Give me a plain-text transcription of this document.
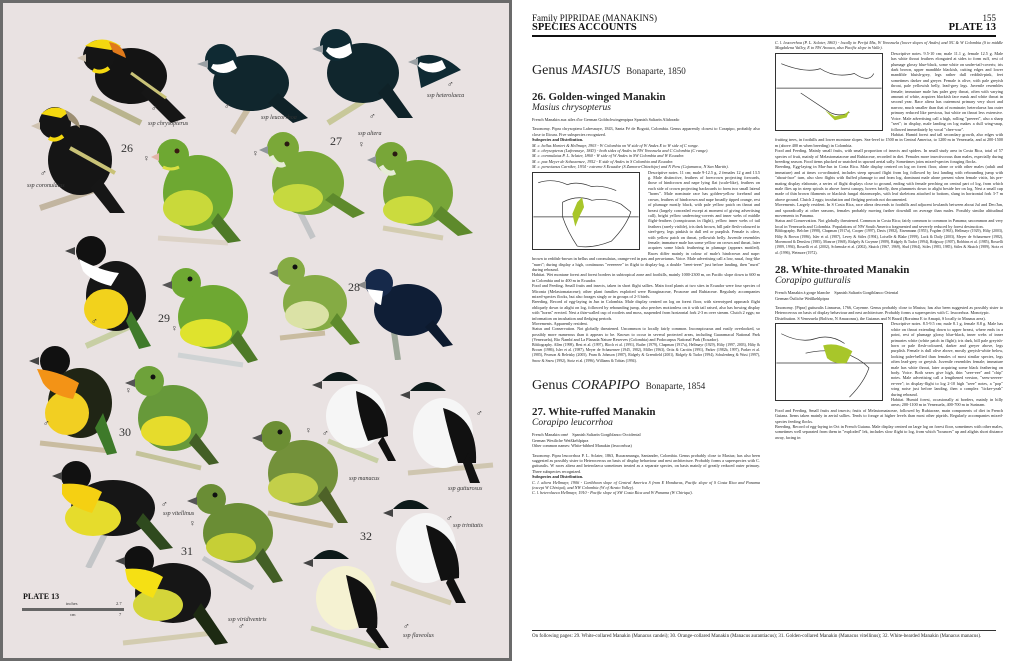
26	27
28
29
30
31
32
♂
♂
♂
♂
♂
♀	♀
♀
♂
♀
♂
♀
♀ ♂
♂
♂
♀	♂
♂	♂
ssp chrysopterus
ssp coronulatus
ssp leucorrhoa
ssp altera
ssp heterolaeca
ssp manacus
ssp gutturosus
ssp trinitatis
ssp vitellinus
ssp viridiventris
ssp flaveolus
PLATE 13
inches	2.7
cm	7
Family PIPRIDAE (MANAKINS)
SPECIES ACCOUNTS
155
PLATE 13
Genus MASIUS Bonaparte, 1850
26. Golden-winged Manakin
Masius chrysopterus
French Manakin aux ailes d'or German Goldschwingenpipra Spanish Saltarín Alidorado

Taxonomy. Pipra chrysoptera Lafresnaye, 1843, Santa Fé de Bogotá, Colombia. Genus apparently closest to Corapipo, probably also close to Ilicura. Five subspecies recognized.

Subspecies and Distribution.

M. c. bellus Hartert & Hellmayr, 1903 - W Colombia on W side of W Andes E to W side of C range.

M. c. chrysopterus (Lafresnaye, 1843) - both sides of Andes in NW Venezuela and C Colombia (C range).

M. c. coronulatus P. L. Sclater, 1860 - W side of W Andes in SW Colombia and W Ecuador.

M. c. pax Meyer de Schauensee, 1952 - E side of Andes in S Colombia and Ecuador.

M. c. peruvianus Carriker, 1934 - extreme S Ecuador (S Zamora-Chinchipe) and N Peru (Cajamarca, N San Martín).

Descriptive notes. 11 cm; male 9-12.5 g, 2 females 12 g and 13.5 g. Male distinctive, feathers of forecrown projecting forwards, those of hindcrown and nape lying flat (scale-like), feathers on each side of crown projecting backwards to form two small lateral "horns". Male nominate race has golden-yellow forehead and crown, feathers of hindcrown and nape broadly tipped orange, rest of plumage mostly black, with pale yellow patch on throat and breast (largely concealed except at moment of giving advertising call), bright yellow underwing-coverts and inner webs of middle flight-feathers (conspicuous in flight), yellow inner webs of tail feathers (rarely visible), iris dark brown, bill pale flesh-coloured to steel-grey, legs pinkish to dull red or purplish. Female is olive, with yellow patch on throat, yellowish belly. Juvenile resembles female; immature male has some yellow on crown and throat, later acquires some black feathering in plumage (appears mottled). Races differ mainly in colour of male's hindcrown and nape: brown to reddish-brown in bellus and coronulatus, orange-red in pax and peruvianus. Voice. Male advertising call a low, nasal, frog-like "nurrt"; during display a high, continuous "eeeeeeee" in flight to display-log, a double "teeet-teeet" just before landing, then "nurrt" during rebound.

Habitat. Wet montane forest and forest borders in subtropical zone and foothills, mainly 1000-2300 m, on Pacific slope down to 600 m in Colombia and to 400 m in Ecuador.

Food and Feeding. Small fruits and insects, taken in short flight sallies. Main food plants at two sites in Ecuador were four species of Miconia (Melastomataceae); other plant families exploited were Boraginaceae, Proaceae and Rubiaceae. Regularly accompanies mixed-species flocks, but also forages singly or in groups of 2-3 birds.

Breeding. Record of egg-laying in Jun in Colombia. Male display centred on log on forest floor, with stereotyped approach flight obliquely down to alight on log, followed by rebounding jump, also perches motionless on it with tail raised, also has bowing display with "horns" erected. Nest a thin-walled cup of rootlets and moss, suspended from horizontal fork 2-3 m over stream. Clutch 2 eggs; no information on incubation and fledging periods.

Movements. Apparently resident.

Status and Conservation. Not globally threatened. Uncommon to locally fairly common. Inconspicuous and easily overlooked, so possibly more numerous than it appears to be. Known to occur in several protected areas, including Guaramacal National Park (Venezuela), Río Ñambí and La Planada Nature Reserves (Colombia) and Podocarpus National Park (Ecuador).

Bibliography. Allen (1998), Best et al. (1997), Bloch et al. (1991), Butler (1979), Chapman (1917a), Hellmayr (1929), Hilty (1997, 2003), Hilty & Brown (1986), Isler et al. (1987), Meyer de Schauensee (1945, 1982), Miller (1963), Ortiz & Carrión (1991), Parker (1982b, 1997), Parker et al. (1985), Pearson & Beletsky (2005), Prum & Johnson (1987), Ridgely & Greenfield (2001), Ridgely & Tudor (1994), Schulenberg & Wust (1997), Snow & Snow (1992), Stotz et al. (1996), Williams & Tobias (1994).

Genus CORAPIPO Bonaparte, 1854
27. White-ruffed Manakin
Corapipo leucorrhoa
French Manakin orné Spanish Saltarín Gorgiblanco Occidental
German Westliche Weißkehlpipra
Other common names: White-bibbed Manakin (leucorrhoa)

Taxonomy. Pipra leucorrhoa P. L. Sclater, 1863, Bucaramanga, Santander, Colombia. Genus probably close to Masius; has also been suggested as possibly sister to Heterocercus on basis of display behaviour and nest architecture. Probably forms a superspecies with C. gutturalis. W races altera and heterolaeca sometimes treated as a separate species, on basis mainly of greatly reduced outer primary. Three subspecies recognized.

Subspecies and Distribution.

C. l. altera Hellmayr, 1906 - Caribbean slope of Central America S from E Honduras, Pacific slope of S Costa Rica and Panama (except W Chiriquí), and NW Colombia (W of Atrato Valley).

C. l. heterolaeca Hellmayr, 1910 - Pacific slope of SW Costa Rica and W Panama (W Chiriquí).

C. l. leucorrhoa (P. L. Sclater, 1863) - locally in Perijá Mts, W Venezuela (lower slopes of Andes) and NC & W Colombia (S to middle Magdalena Valley, E to NW Arauca, also Pacific slope in Valle).

Descriptive notes. 9.5-10 cm; male 11.1 g, female 12.5 g. Male has white throat feathers elongated at sides to form ruff, rest of plumage glossy blue-black, some white on under-tail-coverts; iris dark brown, upper mandible blackish, cutting edges and lower mandible bluish-grey, legs rather dull reddish-pink, feet sometimes darker and greyer. Female is olive, with pale greyish throat, pale yellowish belly, lead-grey legs. Juvenile resembles female; immature male has paler grey throat, often with varying amount of white, acquires blackish face mask and white throat in second year. Race altera has outermost primary very short and narrow, much smaller than that of nominate; heterolaeca has outer primary reduced like previous, but white on throat less extensive. Voice. Male advertising call a high, rolling "preeeet", also a sharp "seet"; in display, male landing on log makes a dull wing-snap, followed immediately by vocal "chee-wur".

Habitat. Humid forest and tall secondary growth, also edges with fruiting trees, in foothills and lower montane slopes. Sea-level to 1500 m in Central America, to 1200 m in Venezuela, and at 200-1500 m (above 400 m when breeding) in Colombia.

Food and Feeding. Mainly small fruits, with small proportion of insects and spiders. In small study area in Costa Rica, total of 57 species of fruit, mainly of Melastomataceae and Rubiaceae, recorded in diet. Females more insectivorous than males, especially during breeding season. Food items plucked or snatched in upward aerial sally. Sometimes joins mixed-species foraging flocks.

Breeding. Egg-laying in Mar-Jun in Costa Rica. Male display centred on log on forest floor, alone or with other males (adult and immature) and at times co-ordinated, includes steep upward flight from log followed by fast landing with rebounding jump with "about-face" turn, also slow flights with fluffed plumage to and from log, dominant male alone present when female visits, his pre-mating display elaborate, a series of flight displays close to ground, ending with female perching on central part of log, from which male flies up in steep spirals to above forest canopy, hovers briefly, then plummets down to alight beside her on log. Nest a small cup made of thin brown filaments or blackish fungal rhizomorphs, with leaf skeletons attached to bottom, slung in horizontal fork 3-7 m above ground. Clutch 2 eggs; incubation and fledging periods not documented.

Movements. Largely resident. In S Costa Rica, race altera descends to foothills and adjacent lowlands between about Jul and Dec/Jan, and sporadically at other seasons, females probably moving farther downhill on average than males. Possibly similar altitudinal movements in Panama.

Status and Conservation. Not globally threatened. Common in Costa Rica; fairly common to common in Panama; uncommon and very local in Venezuela and Colombia. Populations of NW South America fragmented and severely reduced by forest destruction.

Bibliography. Belcher (1998), Chapman (1917a), Cooper (1997), Davis (1982), Eisenmann (1955), Fogden (1963), Hellmayr (1929), Hilty (2003), Hilty & Brown (1986), Isler et al. (1987), Levey & Stiles (1994), Loiselle & Blake (1999), Luck & Daily (2003), Meyer de Schauensee (1982), Moermond & Denslow (1985), Monroe (1968), Ridgely & Gwynne (1989), Ridgely & Tudor (1994), Ridgway (1907), Robbins et al. (1985), Rosselli (1989, 1994), Rosselli et al. (2002), Schemske et al. (2002), Skutch (1967, 1969), Slud (1964), Stiles (1983, 1985), Stiles & Skutch (1989), Stotz et al. (1996), Wetmore (1972).

28. White-throated Manakin
Corapipo gutturalis
French Manakin à gorge blanche Spanish Saltarín Gorgiblanco Oriental
German Östliche Weißkehlpipra

Taxonomy. [Pipra] gutturalis Linnaeus, 1766, Cayenne. Genus probably close to Masius; has also been suggested as possibly sister to Heterocercus on basis of display behaviour and nest architecture. Probably forms a superspecies with C. leucorrhoa. Monotypic.

Distribution. S Venezuela (Bolívar, N Amazonas), the Guianas and N Brazil (Roraima E to Amapá, S locally to Manaus area).

Descriptive notes. 8.5-9.5 cm; male 8.1 g, female 8.8 g. Male has white on throat extending down to upper breast, where ends in a point, rest of plumage glossy blue-black, inner webs of inner primaries white (white patch in flight); iris dark, bill pale greyish-horn or pale flesh-coloured, darker and greyer above, legs purplish. Female is dull olive above, mostly greyish-white below, looking paler-bellied than females of most similar species, legs often lead-grey or greyish. Juvenile resembles female; immature male has white throat, later acquiring some black feathering on body. Voice. Both sexes give high, thin "seee-eee" and "chip" notes. Male advertising call a lengthened version, "seeu-seeeee-ee-eee"; in display-flight to log 2-10 high "seee" notes, a "pop" wing noise just before landing, then a complex "ticker-yeah" during rebound.

Habitat. Humid forest, occasionally at borders, mainly in hilly areas; 200-1100 m in Venezuela, 400-700 m in Surinam.

Food and Feeding. Small fruits and insects; fruits of Melastomataceae, followed by Rubiaceae, main components of diet in French Guiana. Items taken mainly in aerial sallies. Tends to forage at higher levels than most other piprids. Regularly accompanies mixed-species feeding flocks.

Breeding. Record of egg-laying in Oct in French Guiana. Male display centred on large log on forest floor, sometimes with other males, sometimes well separated from them in "exploded" lek, includes slow flight to log, from which "bounces" up and alights short distance away, facing in

On following pages: 29. White-collared Manakin (Manacus candei); 30. Orange-collared Manakin (Manacus aurantiacus); 31. Golden-collared Manakin (Manacus vitellinus); 32. White-bearded Manakin (Manacus manacus).
